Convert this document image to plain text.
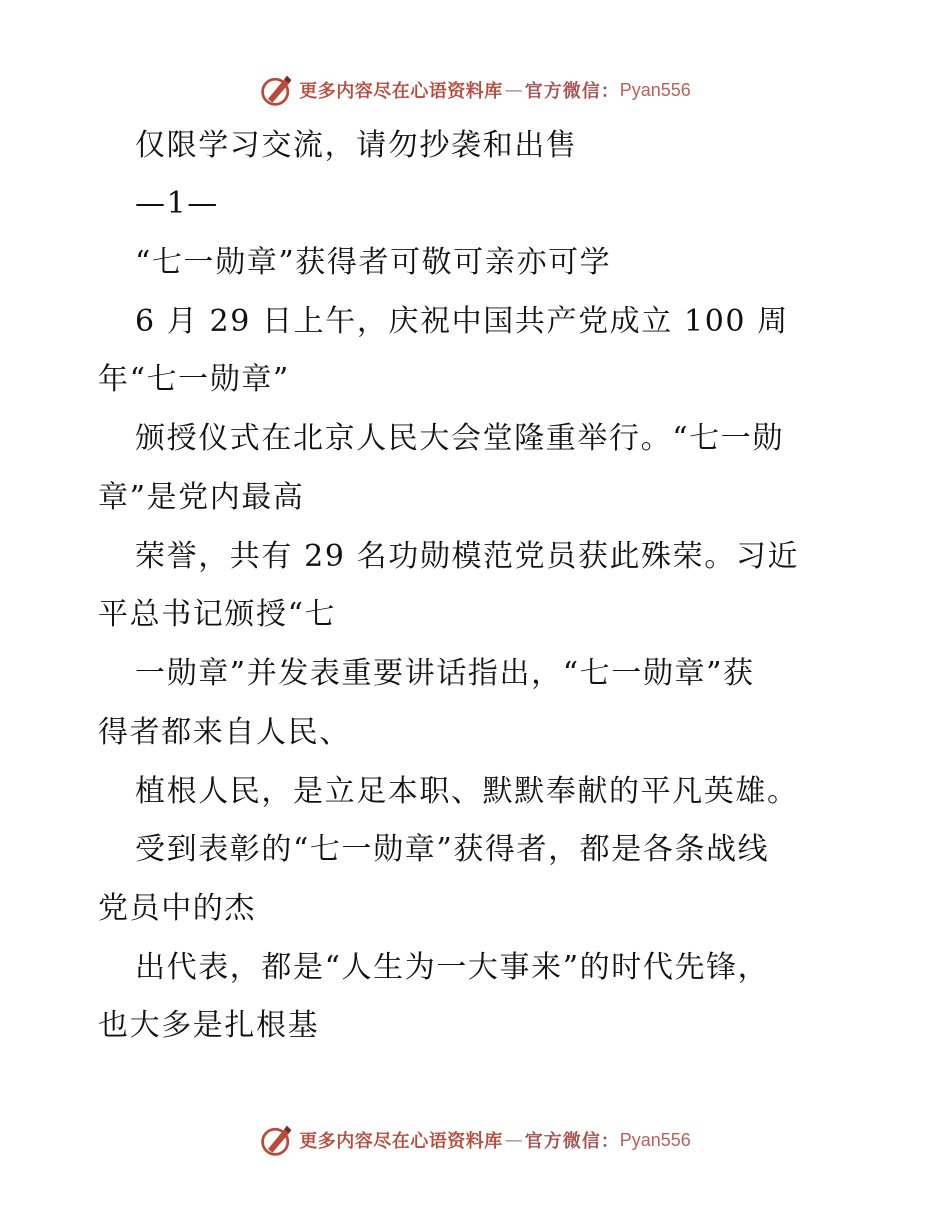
更多内容尽在心语资料库 — 官方微信： Pyan556
仅限学习交流，请勿抄袭和出售
—1—
“七一勋章”获得者可敬可亲亦可学
6 月 29 日上午，庆祝中国共产党成立 100 周
年“七一勋章”
颁授仪式在北京人民大会堂隆重举行。“七一勋
章”是党内最高
荣誉，共有 29 名功勋模范党员获此殊荣。习近
平总书记颁授“七
一勋章”并发表重要讲话指出，“七一勋章”获
得者都来自人民、
植根人民，是立足本职、默默奉献的平凡英雄。
受到表彰的“七一勋章”获得者，都是各条战线
党员中的杰
出代表，都是“人生为一大事来”的时代先锋，
也大多是扎根基
更多内容尽在心语资料库 — 官方微信： Pyan556
